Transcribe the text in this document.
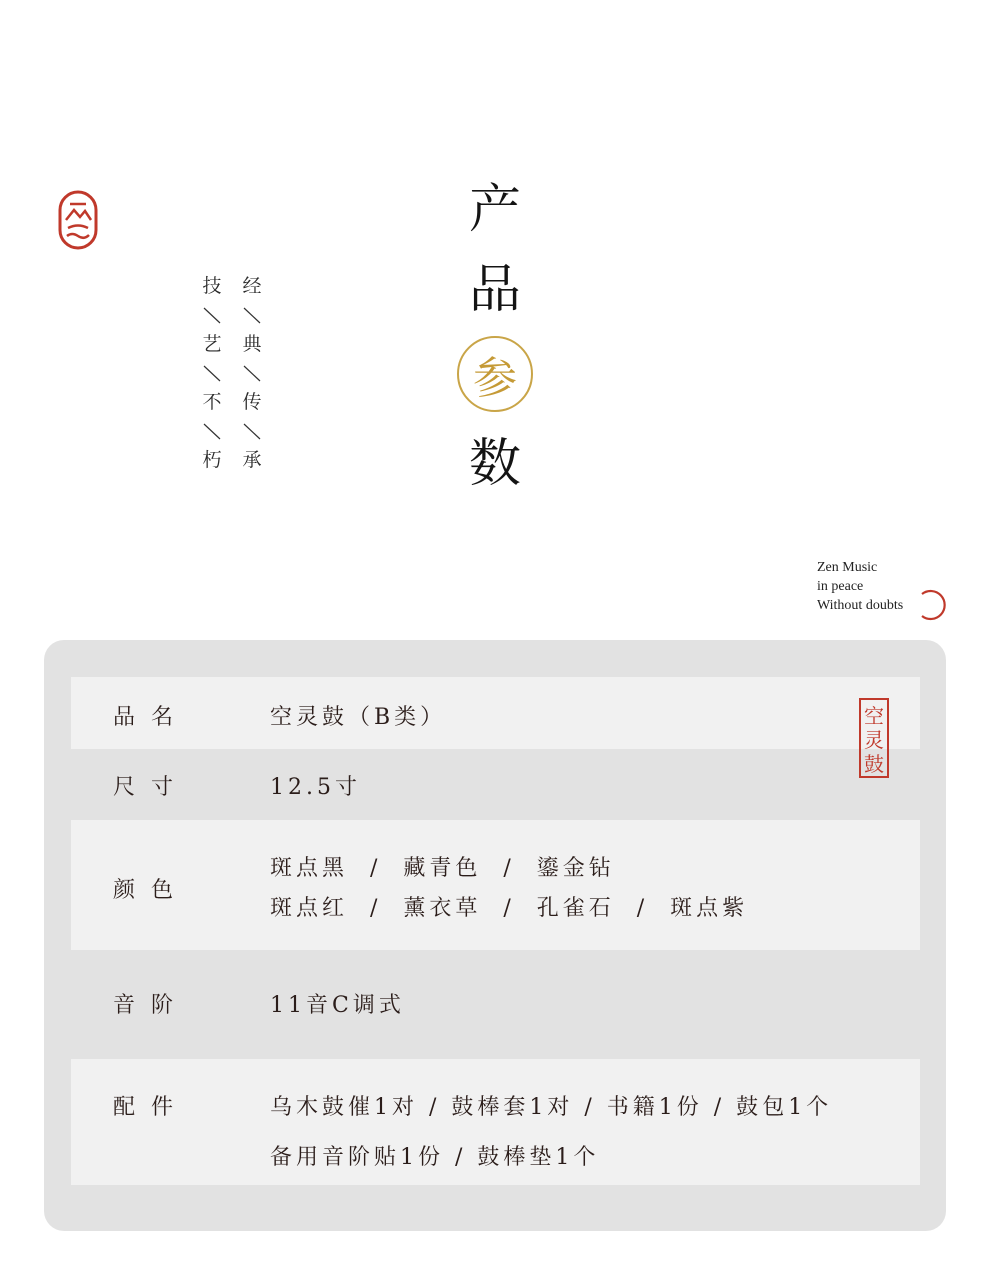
经
典
传
承
技
艺
不
朽
产
品
参
数
Zen Music
in peace
Without doubts
品名	空灵鼓（B类）
尺寸	12.5寸
颜色
斑点黑  /  藏青色  /  鎏金钻
斑点红  /  薰衣草  /  孔雀石  /  斑点紫
音阶	11音C调式
配件	乌木鼓催1对 / 鼓棒套1对 / 书籍1份 / 鼓包1个
备用音阶贴1份 / 鼓棒垫1个
空
灵
鼓
